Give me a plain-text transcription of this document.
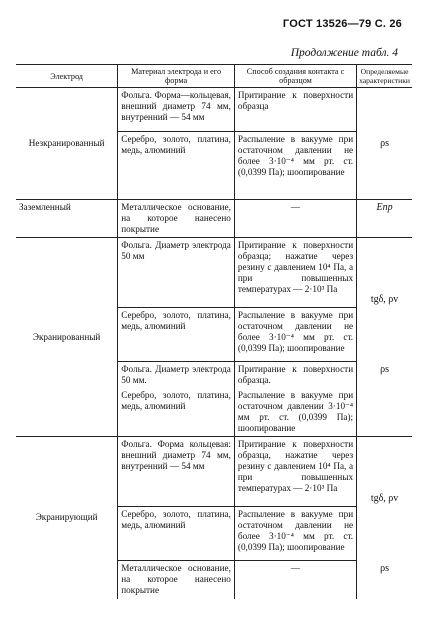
ГОСТ 13526—79 С. 26
Продолжение табл. 4
Электрод	Материал электрода и его форма	Способ создания контакта с образцом	Определяемые характеристики

Незкранированный	Фольга. Форма—кольцевая, внешний диаметр 74 мм, внутренний — 54 мм	Притирание к поверхности образца	ρs
	Серебро, золото, платина, медь, алюминий	Распыление в вакууме при остаточном давлении не более 3·10⁻⁴ мм рт. ст. (0,0399 Па); шоопирование	
Заземленный	Металлическое основание, на которое нанесено покрытие	—	Eпр

Экранированный	Фольга. Диаметр электрода 50 мм	Притирание к поверхности образца; нажатие через резину с давлением 10⁴ Па, а при повышенных температурах — 2·10³ Па	tgδ, ρv
	Серебро, золото, платина, медь, алюминий	Распыление в вакууме при остаточном давлении не более 3·10⁻⁴ мм рт. ст. (0,0399 Па); шоопирование	
	Фольга. Диаметр электрода 50 мм.	Притирание к поверхности образца.	ρs
	Серебро, золото, платина, медь, алюминий	Распыление в вакууме при остаточном давлении 3·10⁻⁴ мм рт. ст. (0,0399 Па); шоопирование	

Экранирующий	Фольга. Форма кольцевая: внешний диаметр 74 мм, внутренний — 54 мм	Притирание к поверхности образца, нажатие через резину с давлением 10⁴ Па, а при повышенных температурах — 2·10³ Па	tgδ, ρv
	Серебро, золото, платина, медь, алюминий	Распыление в вакууме при остаточном давлении не более 3·10⁻⁴ мм рт. ст. (0,0399 Па); шоопирование	
	Металлическое основание, на которое нанесено покрытие	—	ρs
